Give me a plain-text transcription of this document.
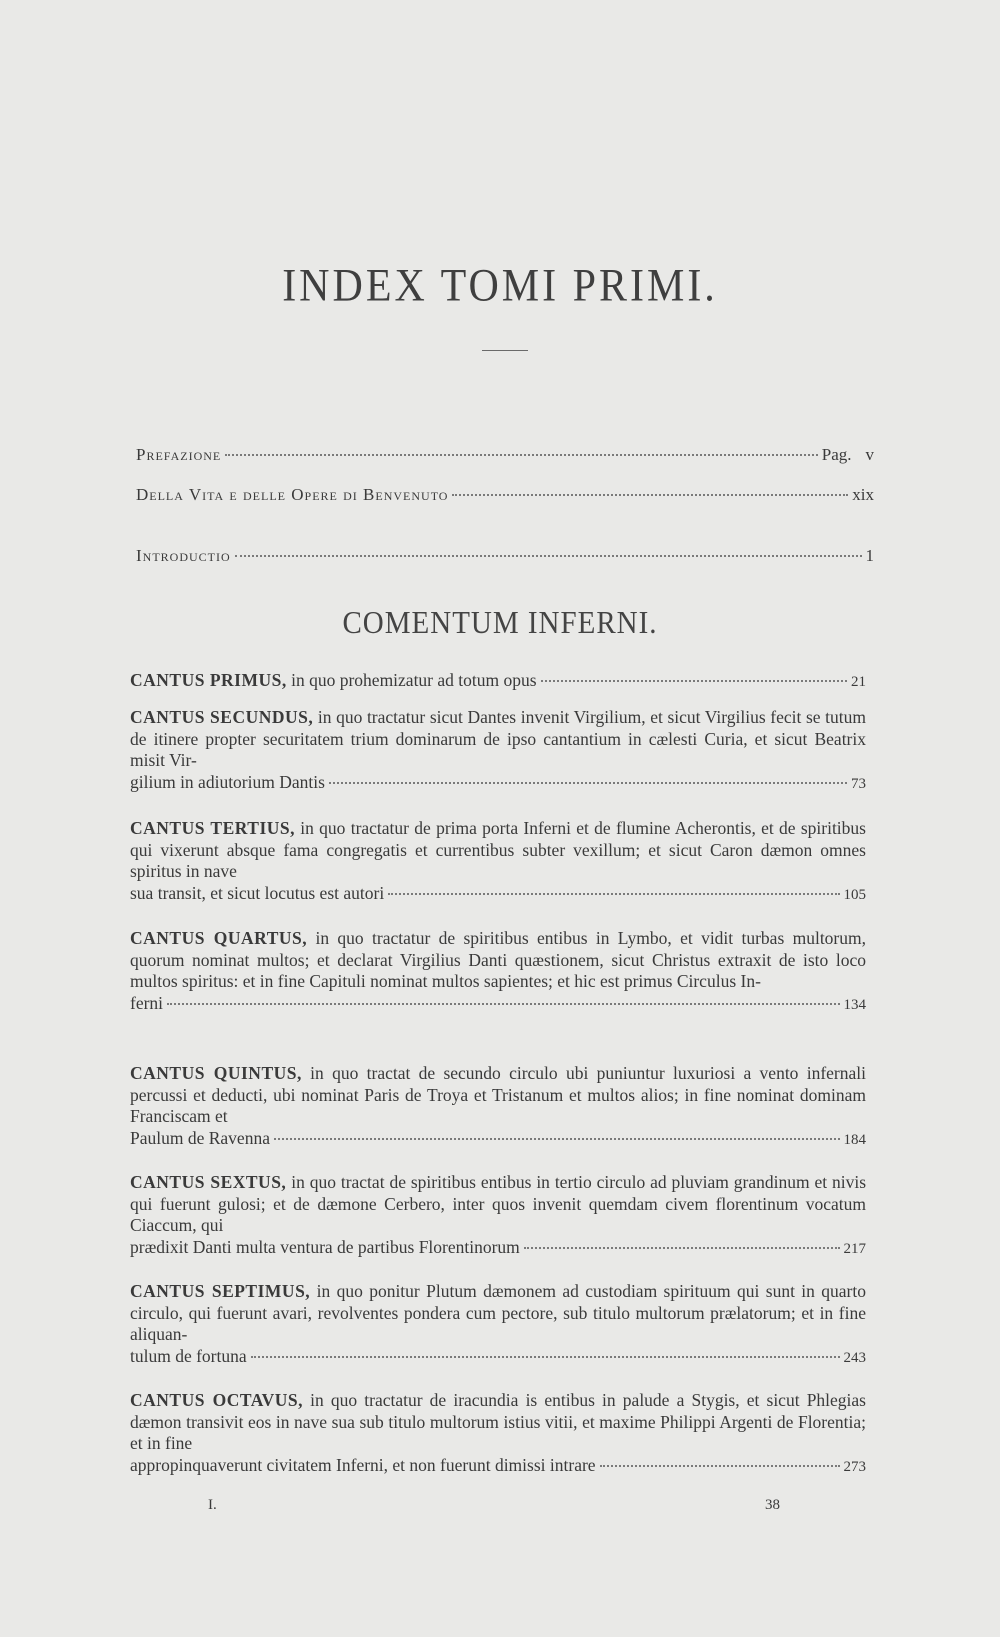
INDEX TOMI PRIMI.
Prefazione	Pag. v
Della Vita e delle Opere di Benvenuto	xix
Introductio	1
COMENTUM INFERNI.
CANTUS PRIMUS, in quo prohemizatur ad totum opus	21
CANTUS SECUNDUS, in quo tractatur sicut Dantes invenit Virgilium, et sicut Virgilius fecit se tutum de itinere propter securitatem trium dominarum de ipso cantantium in cælesti Curia, et sicut Beatrix misit Vir-
gilium in adiutorium Dantis	73
CANTUS TERTIUS, in quo tractatur de prima porta Inferni et de flumine Acherontis, et de spiritibus qui vixerunt absque fama congregatis et currentibus subter vexillum; et sicut Caron dæmon omnes spiritus in nave
sua transit, et sicut locutus est autori	105
CANTUS QUARTUS, in quo tractatur de spiritibus entibus in Lymbo, et vidit turbas multorum, quorum nominat multos; et declarat Virgilius Danti quæstionem, sicut Christus extraxit de isto loco multos spiritus: et in fine Capituli nominat multos sapientes; et hic est primus Circulus In-
ferni	134
CANTUS QUINTUS, in quo tractat de secundo circulo ubi puniuntur luxuriosi a vento infernali percussi et deducti, ubi nominat Paris de Troya et Tristanum et multos alios; in fine nominat dominam Franciscam et
Paulum de Ravenna	184
CANTUS SEXTUS, in quo tractat de spiritibus entibus in tertio circulo ad pluviam grandinum et nivis qui fuerunt gulosi; et de dæmone Cerbero, inter quos invenit quemdam civem florentinum vocatum Ciaccum, qui
prædixit Danti multa ventura de partibus Florentinorum	217
CANTUS SEPTIMUS, in quo ponitur Plutum dæmonem ad custodiam spirituum qui sunt in quarto circulo, qui fuerunt avari, revolventes pondera cum pectore, sub titulo multorum prælatorum; et in fine aliquan-
tulum de fortuna	243
CANTUS OCTAVUS, in quo tractatur de iracundia is entibus in palude a Stygis, et sicut Phlegias dæmon transivit eos in nave sua sub titulo multorum istius vitii, et maxime Philippi Argenti de Florentia; et in fine
appropinquaverunt civitatem Inferni, et non fuerunt dimissi intrare	273
I.	38
